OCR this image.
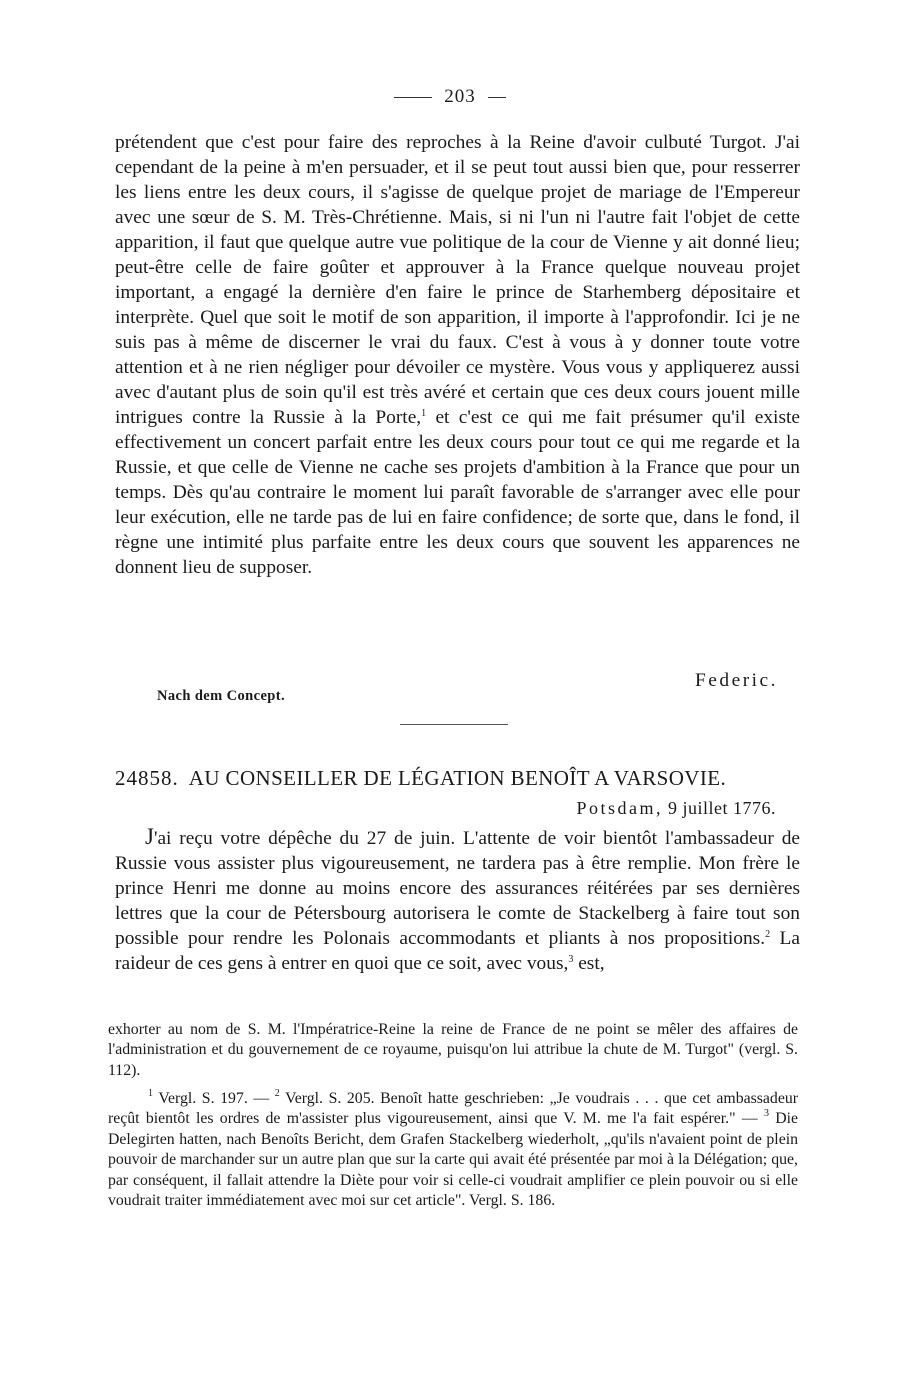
203

prétendent que c'est pour faire des reproches à la Reine d'avoir culbuté Turgot. J'ai cependant de la peine à m'en persuader, et il se peut tout aussi bien que, pour resserrer les liens entre les deux cours, il s'agisse de quelque projet de mariage de l'Empereur avec une sœur de S. M. Très-Chrétienne. Mais, si ni l'un ni l'autre fait l'objet de cette apparition, il faut que quelque autre vue politique de la cour de Vienne y ait donné lieu; peut-être celle de faire goûter et approuver à la France quelque nouveau projet important, a engagé la dernière d'en faire le prince de Starhemberg dépositaire et interprète. Quel que soit le motif de son apparition, il importe à l'approfondir. Ici je ne suis pas à même de discerner le vrai du faux. C'est à vous à y donner toute votre attention et à ne rien négliger pour dévoiler ce mystère. Vous vous y appliquerez aussi avec d'autant plus de soin qu'il est très avéré et certain que ces deux cours jouent mille intrigues contre la Russie à la Porte,$^1$ et c'est ce qui me fait présumer qu'il existe effectivement un concert parfait entre les deux cours pour tout ce qui me regarde et la Russie, et que celle de Vienne ne cache ses projets d'ambition à la France que pour un temps. Dès qu'au contraire le moment lui paraît favorable de s'arranger avec elle pour leur exécution, elle ne tarde pas de lui en faire confidence; de sorte que, dans le fond, il règne une intimité plus parfaite entre les deux cours que souvent les apparences ne donnent lieu de supposer.

Federic.
Nach dem Concept.
24858. AU CONSEILLER DE LÉGATION BENOÎT A VARSOVIE.
Potsdam, 9 juillet 1776.

J'ai reçu votre dépêche du 27 de juin. L'attente de voir bientôt l'ambassadeur de Russie vous assister plus vigoureusement, ne tardera pas à être remplie. Mon frère le prince Henri me donne au moins encore des assurances réitérées par ses dernières lettres que la cour de Pétersbourg autorisera le comte de Stackelberg à faire tout son possible pour rendre les Polonais accommodants et pliants à nos propositions.$^2$ La raideur de ces gens à entrer en quoi que ce soit, avec vous,$^3$ est,

exhorter au nom de S. M. l'Impératrice-Reine la reine de France de ne point se mêler des affaires de l'administration et du gouvernement de ce royaume, puisqu'on lui attribue la chute de M. Turgot" (vergl. S. 112).

$^1$ Vergl. S. 197. — $^2$ Vergl. S. 205. Benoît hatte geschrieben: „Je voudrais . . . que cet ambassadeur reçût bientôt les ordres de m'assister plus vigoureusement, ainsi que V. M. me l'a fait espérer." — $^3$ Die Delegirten hatten, nach Benoîts Bericht, dem Grafen Stackelberg wiederholt, „qu'ils n'avaient point de plein pouvoir de marchander sur un autre plan que sur la carte qui avait été présentée par moi à la Délégation; que, par conséquent, il fallait attendre la Diète pour voir si celle-ci voudrait amplifier ce plein pouvoir ou si elle voudrait traiter immédiatement avec moi sur cet article". Vergl. S. 186.
